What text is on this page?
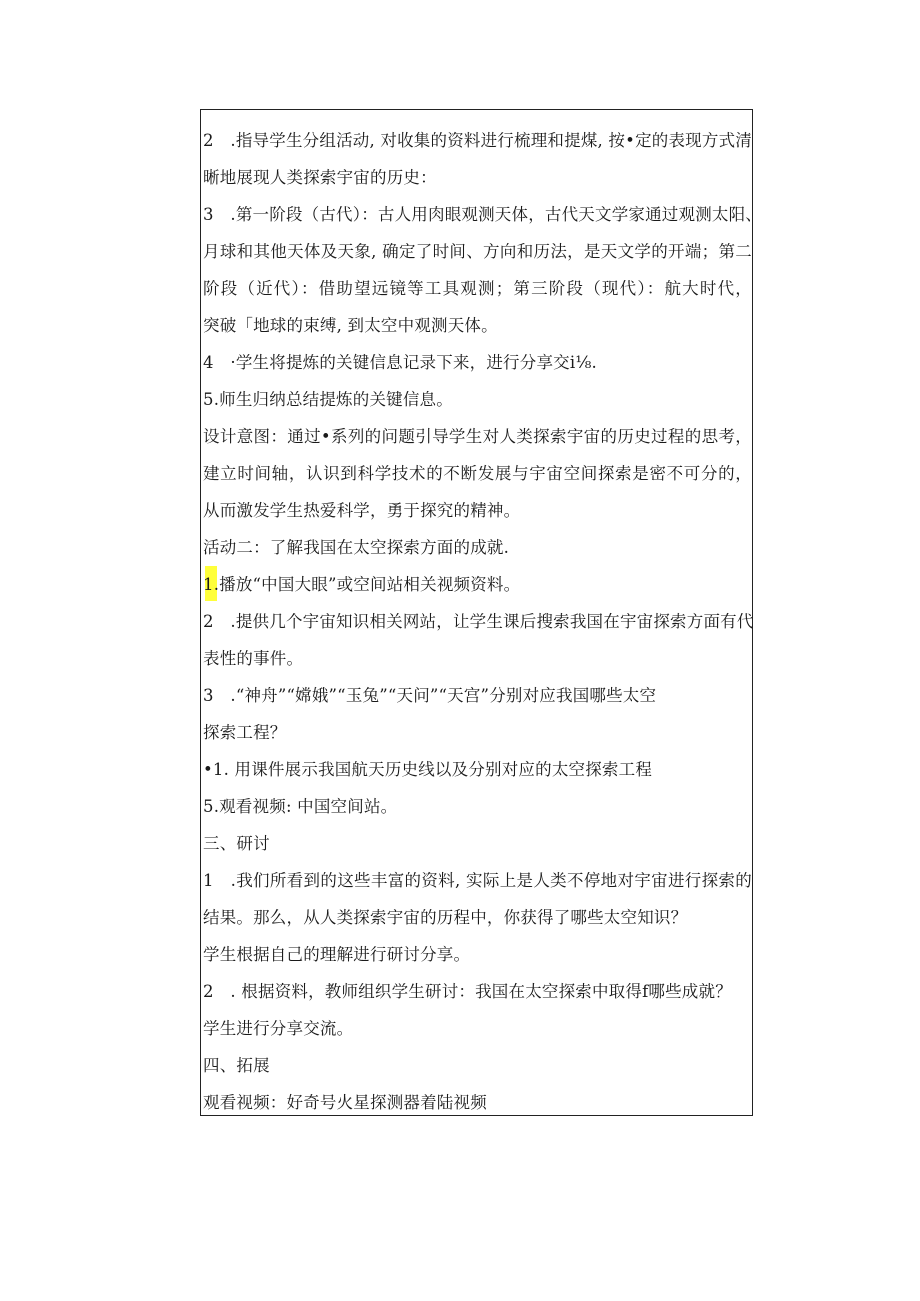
2　.指导学生分组活动, 对收集的资料进行梳理和提煤, 按•定的表现方式清
晰地展现人类探索宇宙的历史：
3　.第一阶段（古代）：古人用肉眼观测天体，古代天文学家通过观测太阳、
月球和其他天体及天象, 确定了时间、方向和历法，是天文学的开端；第二
阶段（近代）：借助望远镜等工具观测；第三阶段（现代）：航大时代，
突破「地球的束缚, 到太空中观测天体。
4　·学生将提炼的关键信息记录下来，进行分享交i⅛.
5.师生归纳总结提炼的关键信息。
设计意图：通过•系列的问题引导学生对人类探索宇宙的历史过程的思考，
建立时间轴，认识到科学技术的不断发展与宇宙空间探索是密不可分的，
从而激发学生热爱科学，勇于探究的精神。
活动二：了解我国在太空探索方面的成就.
1.播放“中国大眼”或空间站相关视频资料。
2　.提供几个宇宙知识相关网站，让学生课后搜索我国在宇宙探索方面有代
表性的事件。
3　.“神舟”“嫦娥”“玉兔”“天问”“天宫”分别对应我国哪些太空
探索工程？
•1. 用课件展示我国航天历史线以及分别对应的太空探索工程
5.观看视频: 中国空间站。
三、研讨
1　.我们所看到的这些丰富的资料, 实际上是人类不停地对宇宙进行探索的
结果。那么，从人类探索宇宙的历程中，你获得了哪些太空知识？
学生根据自己的理解进行研讨分享。
2　. 根据资料，教师组织学生研讨：我国在太空探索中取得f哪些成就？
学生进行分享交流。
四、拓展
观看视频：好奇号火星探测器着陆视频
